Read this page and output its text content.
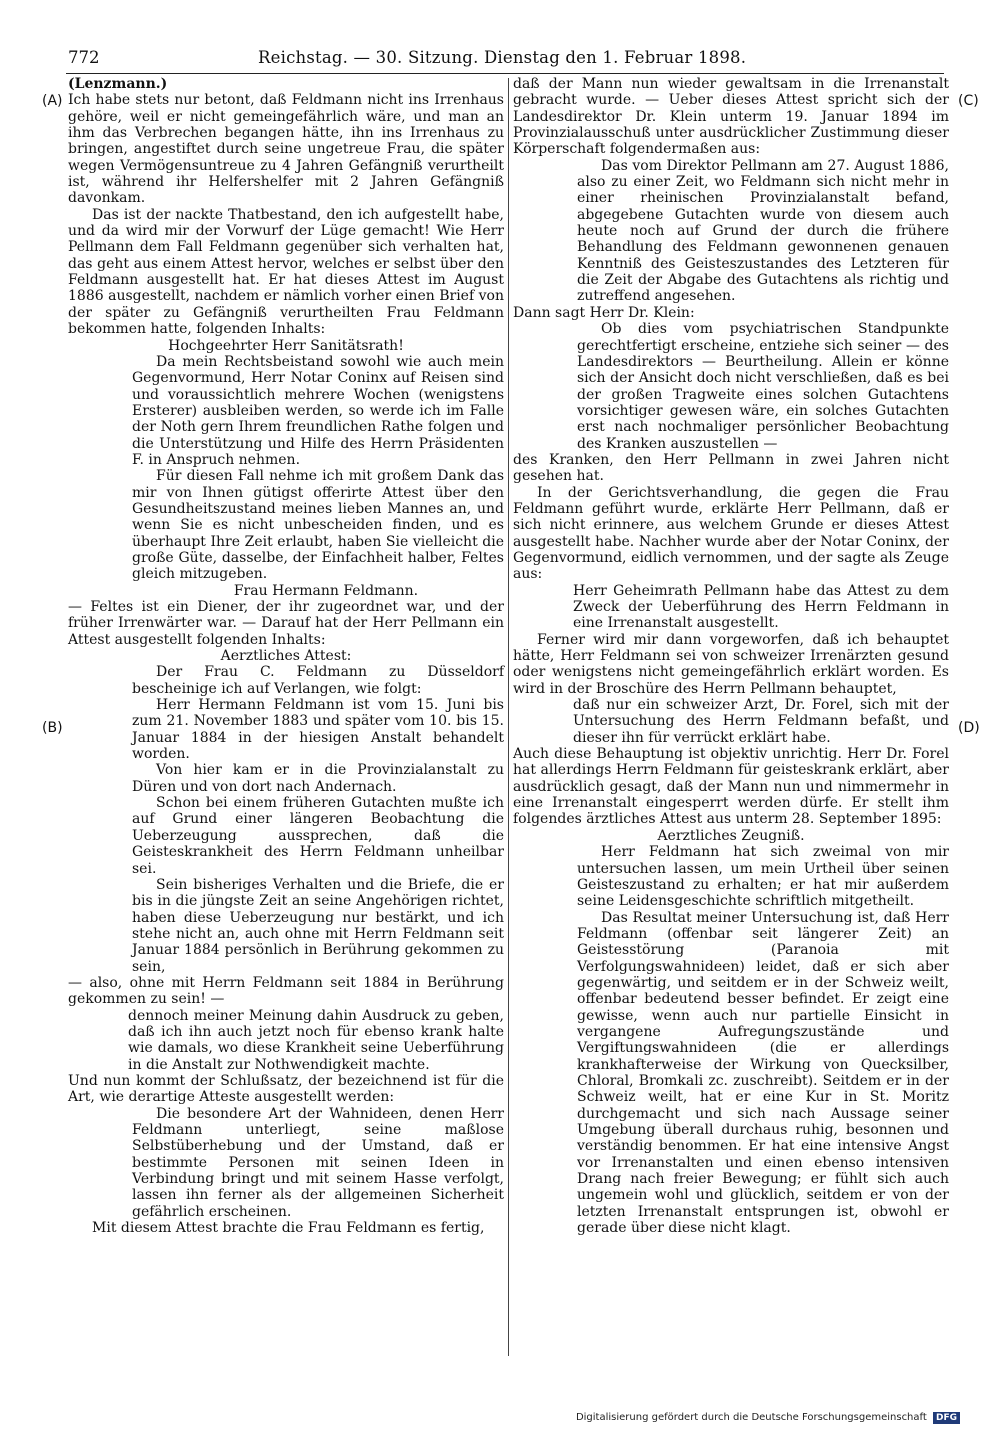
772	Reichstag. — 30. Sitzung. Dienstag den 1. Februar 1898.
(A)
(B)
(C)
(D)

(Lenzmann.)

Ich habe stets nur betont, daß Feldmann nicht ins Irrenhaus gehöre, weil er nicht gemeingefährlich wäre, und man an ihm das Verbrechen begangen hätte, ihn ins Irrenhaus zu bringen, angestiftet durch seine ungetreue Frau, die später wegen Vermögensuntreue zu 4 Jahren Gefängniß verurtheilt ist, während ihr Helfershelfer mit 2 Jahren Gefängniß davonkam.

Das ist der nackte Thatbestand, den ich aufgestellt habe, und da wird mir der Vorwurf der Lüge gemacht! Wie Herr Pellmann dem Fall Feldmann gegenüber sich verhalten hat, das geht aus einem Attest hervor, welches er selbst über den Feldmann ausgestellt hat. Er hat dieses Attest im August 1886 ausgestellt, nachdem er nämlich vorher einen Brief von der später zu Gefängniß verurtheilten Frau Feldmann bekommen hatte, folgenden Inhalts:

Hochgeehrter Herr Sanitätsrath!

Da mein Rechtsbeistand sowohl wie auch mein Gegenvormund, Herr Notar Coninx auf Reisen sind und voraussichtlich mehrere Wochen (wenigstens Ersterer) ausbleiben werden, so werde ich im Falle der Noth gern Ihrem freundlichen Rathe folgen und die Unterstützung und Hilfe des Herrn Präsidenten F. in Anspruch nehmen.

Für diesen Fall nehme ich mit großem Dank das mir von Ihnen gütigst offerirte Attest über den Gesundheitszustand meines lieben Mannes an, und wenn Sie es nicht unbescheiden finden, und es überhaupt Ihre Zeit erlaubt, haben Sie vielleicht die große Güte, dasselbe, der Einfachheit halber, Feltes gleich mitzugeben.

Frau Hermann Feldmann.

— Feltes ist ein Diener, der ihr zugeordnet war, und der früher Irrenwärter war. — Darauf hat der Herr Pellmann ein Attest ausgestellt folgenden Inhalts:

Aerztliches Attest:

Der Frau C. Feldmann zu Düsseldorf bescheinige ich auf Verlangen, wie folgt:

Herr Hermann Feldmann ist vom 15. Juni bis zum 21. November 1883 und später vom 10. bis 15. Januar 1884 in der hiesigen Anstalt behandelt worden.

Von hier kam er in die Provinzialanstalt zu Düren und von dort nach Andernach.

Schon bei einem früheren Gutachten mußte ich auf Grund einer längeren Beobachtung die Ueberzeugung aussprechen, daß die Geisteskrankheit des Herrn Feldmann unheilbar sei.

Sein bisheriges Verhalten und die Briefe, die er bis in die jüngste Zeit an seine Angehörigen richtet, haben diese Ueberzeugung nur bestärkt, und ich stehe nicht an, auch ohne mit Herrn Feldmann seit Januar 1884 persönlich in Berührung gekommen zu sein,

— also, ohne mit Herrn Feldmann seit 1884 in Berührung gekommen zu sein! —

dennoch meiner Meinung dahin Ausdruck zu geben, daß ich ihn auch jetzt noch für ebenso krank halte wie damals, wo diese Krankheit seine Ueberführung in die Anstalt zur Nothwendigkeit machte.

Und nun kommt der Schlußsatz, der bezeichnend ist für die Art, wie derartige Atteste ausgestellt werden:

Die besondere Art der Wahnideen, denen Herr Feldmann unterliegt, seine maßlose Selbstüberhebung und der Umstand, daß er bestimmte Personen mit seinen Ideen in Verbindung bringt und mit seinem Hasse verfolgt, lassen ihn ferner als der allgemeinen Sicherheit gefährlich erscheinen.

Mit diesem Attest brachte die Frau Feldmann es fertig,

daß der Mann nun wieder gewaltsam in die Irrenanstalt gebracht wurde. — Ueber dieses Attest spricht sich der Landesdirektor Dr. Klein unterm 19. Januar 1894 im Provinzialausschuß unter ausdrücklicher Zustimmung dieser Körperschaft folgendermaßen aus:

Das vom Direktor Pellmann am 27. August 1886, also zu einer Zeit, wo Feldmann sich nicht mehr in einer rheinischen Provinzialanstalt befand, abgegebene Gutachten wurde von diesem auch heute noch auf Grund der durch die frühere Behandlung des Feldmann gewonnenen genauen Kenntniß des Geisteszustandes des Letzteren für die Zeit der Abgabe des Gutachtens als richtig und zutreffend angesehen.

Dann sagt Herr Dr. Klein:

Ob dies vom psychiatrischen Standpunkte gerechtfertigt erscheine, entziehe sich seiner — des Landesdirektors — Beurtheilung. Allein er könne sich der Ansicht doch nicht verschließen, daß es bei der großen Tragweite eines solchen Gutachtens vorsichtiger gewesen wäre, ein solches Gutachten erst nach nochmaliger persönlicher Beobachtung des Kranken auszustellen —

des Kranken, den Herr Pellmann in zwei Jahren nicht gesehen hat.

In der Gerichtsverhandlung, die gegen die Frau Feldmann geführt wurde, erklärte Herr Pellmann, daß er sich nicht erinnere, aus welchem Grunde er dieses Attest ausgestellt habe. Nachher wurde aber der Notar Coninx, der Gegenvormund, eidlich vernommen, und der sagte als Zeuge aus:

Herr Geheimrath Pellmann habe das Attest zu dem Zweck der Ueberführung des Herrn Feldmann in eine Irrenanstalt ausgestellt.

Ferner wird mir dann vorgeworfen, daß ich behauptet hätte, Herr Feldmann sei von schweizer Irrenärzten gesund oder wenigstens nicht gemeingefährlich erklärt worden. Es wird in der Broschüre des Herrn Pellmann behauptet,

daß nur ein schweizer Arzt, Dr. Forel, sich mit der Untersuchung des Herrn Feldmann befaßt, und dieser ihn für verrückt erklärt habe.

Auch diese Behauptung ist objektiv unrichtig. Herr Dr. Forel hat allerdings Herrn Feldmann für geisteskrank erklärt, aber ausdrücklich gesagt, daß der Mann nun und nimmermehr in eine Irrenanstalt eingesperrt werden dürfe. Er stellt ihm folgendes ärztliches Attest aus unterm 28. September 1895:

Aerztliches Zeugniß.

Herr Feldmann hat sich zweimal von mir untersuchen lassen, um mein Urtheil über seinen Geisteszustand zu erhalten; er hat mir außerdem seine Leidensgeschichte schriftlich mitgetheilt.

Das Resultat meiner Untersuchung ist, daß Herr Feldmann (offenbar seit längerer Zeit) an Geistesstörung (Paranoia mit Verfolgungswahnideen) leidet, daß er sich aber gegenwärtig, und seitdem er in der Schweiz weilt, offenbar bedeutend besser befindet. Er zeigt eine gewisse, wenn auch nur partielle Einsicht in vergangene Aufregungszustände und Vergiftungswahnideen (die er allerdings krankhafterweise der Wirkung von Quecksilber, Chloral, Bromkali zc. zuschreibt). Seitdem er in der Schweiz weilt, hat er eine Kur in St. Moritz durchgemacht und sich nach Aussage seiner Umgebung überall durchaus ruhig, besonnen und verständig benommen. Er hat eine intensive Angst vor Irrenanstalten und einen ebenso intensiven Drang nach freier Bewegung; er fühlt sich auch ungemein wohl und glücklich, seitdem er von der letzten Irrenanstalt entsprungen ist, obwohl er gerade über diese nicht klagt.

Digitalisierung gefördert durch die Deutsche Forschungsgemeinschaft DFG
